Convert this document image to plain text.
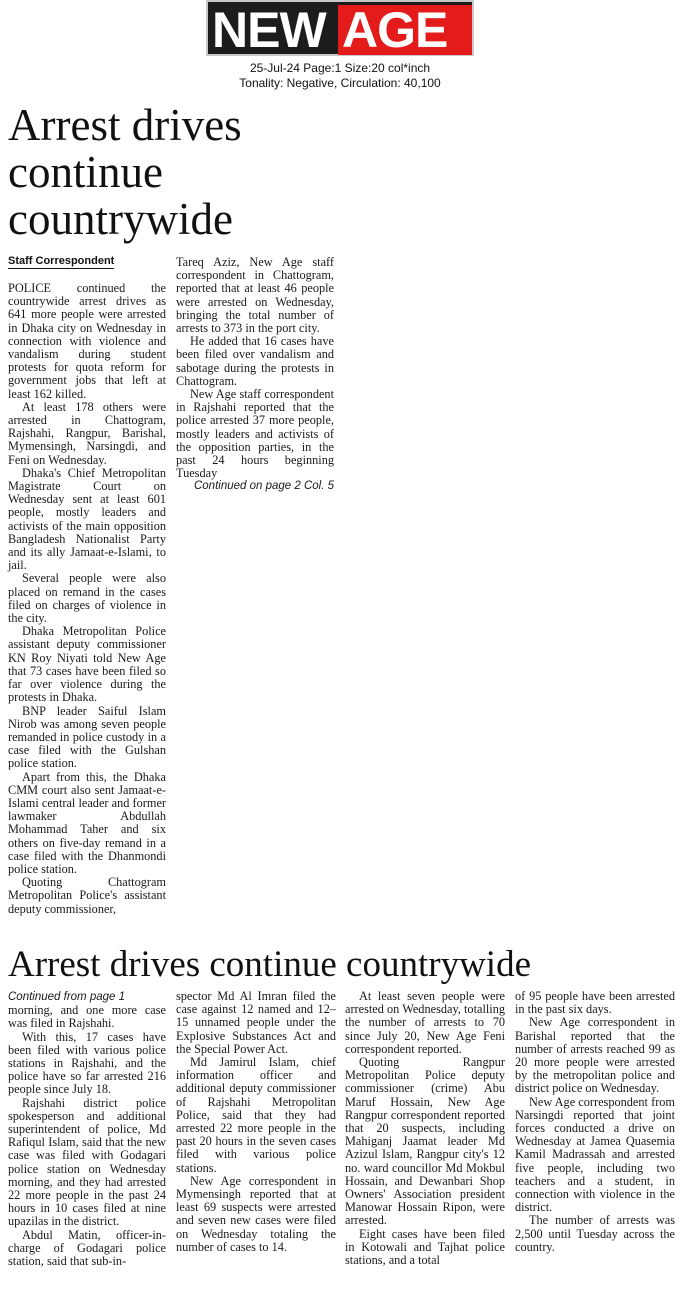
NEW AGE
25-Jul-24 Page:1 Size:20 col*inch
Tonality: Negative, Circulation: 40,100
Arrest drives continue countrywide
Staff Correspondent

POLICE continued the countrywide arrest drives as 641 more people were arrested in Dhaka city on Wednesday in connection with violence and vandalism during student protests for quota reform for government jobs that left at least 162 killed.

At least 178 others were arrested in Chattogram, Rajshahi, Rangpur, Barishal, Mymensingh, Narsingdi, and Feni on Wednesday.

Dhaka's Chief Metropolitan Magistrate Court on Wednesday sent at least 601 people, mostly leaders and activists of the main opposition Bangladesh Nationalist Party and its ally Jamaat-e-Islami, to jail.

Several people were also placed on remand in the cases filed on charges of violence in the city.

Dhaka Metropolitan Police assistant deputy commissioner KN Roy Niyati told New Age that 73 cases have been filed so far over violence during the protests in Dhaka.

BNP leader Saiful Islam Nirob was among seven people remanded in police custody in a case filed with the Gulshan police station.

Apart from this, the Dhaka CMM court also sent Jamaat-e-Islami central leader and former lawmaker Abdullah Mohammad Taher and six others on five-day remand in a case filed with the Dhanmondi police station.

Quoting Chattogram Metropolitan Police's assistant deputy commissioner,

Tareq Aziz, New Age staff correspondent in Chattogram, reported that at least 46 people were arrested on Wednesday, bringing the total number of arrests to 373 in the port city.

He added that 16 cases have been filed over vandalism and sabotage during the protests in Chattogram.

New Age staff correspondent in Rajshahi reported that the police arrested 37 more people, mostly leaders and activists of the opposition parties, in the past 24 hours beginning Tuesday

Continued on page 2 Col. 5
Arrest drives continue countrywide
Continued from page 1

morning, and one more case was filed in Rajshahi.

With this, 17 cases have been filed with various police stations in Rajshahi, and the police have so far arrested 216 people since July 18.

Rajshahi district police spokesperson and additional superintendent of police, Md Rafiqul Islam, said that the new case was filed with Godagari police station on Wednesday morning, and they had arrested 22 more people in the past 24 hours in 10 cases filed at nine upazilas in the district.

Abdul Matin, officer-in-charge of Godagari police station, said that sub-in-

spector Md Al Imran filed the case against 12 named and 12–15 unnamed people under the Explosive Substances Act and the Special Power Act.

Md Jamirul Islam, chief information officer and additional deputy commissioner of Rajshahi Metropolitan Police, said that they had arrested 22 more people in the past 20 hours in the seven cases filed with various police stations.

New Age correspondent in Mymensingh reported that at least 69 suspects were arrested and seven new cases were filed on Wednesday totaling the number of cases to 14.

At least seven people were arrested on Wednesday, totalling the number of arrests to 70 since July 20, New Age Feni correspondent reported.

Quoting Rangpur Metropolitan Police deputy commissioner (crime) Abu Maruf Hossain, New Age Rangpur correspondent reported that 20 suspects, including Mahiganj Jaamat leader Md Azizul Islam, Rangpur city's 12 no. ward councillor Md Mokbul Hossain, and Dewanbari Shop Owners' Association president Manowar Hossain Ripon, were arrested.

Eight cases have been filed in Kotowali and Tajhat police stations, and a total

of 95 people have been arrested in the past six days.

New Age correspondent in Barishal reported that the number of arrests reached 99 as 20 more people were arrested by the metropolitan police and district police on Wednesday.

New Age correspondent from Narsingdi reported that joint forces conducted a drive on Wednesday at Jamea Quasemia Kamil Madrassah and arrested five people, including two teachers and a student, in connection with violence in the district.

The number of arrests was 2,500 until Tuesday across the country.
